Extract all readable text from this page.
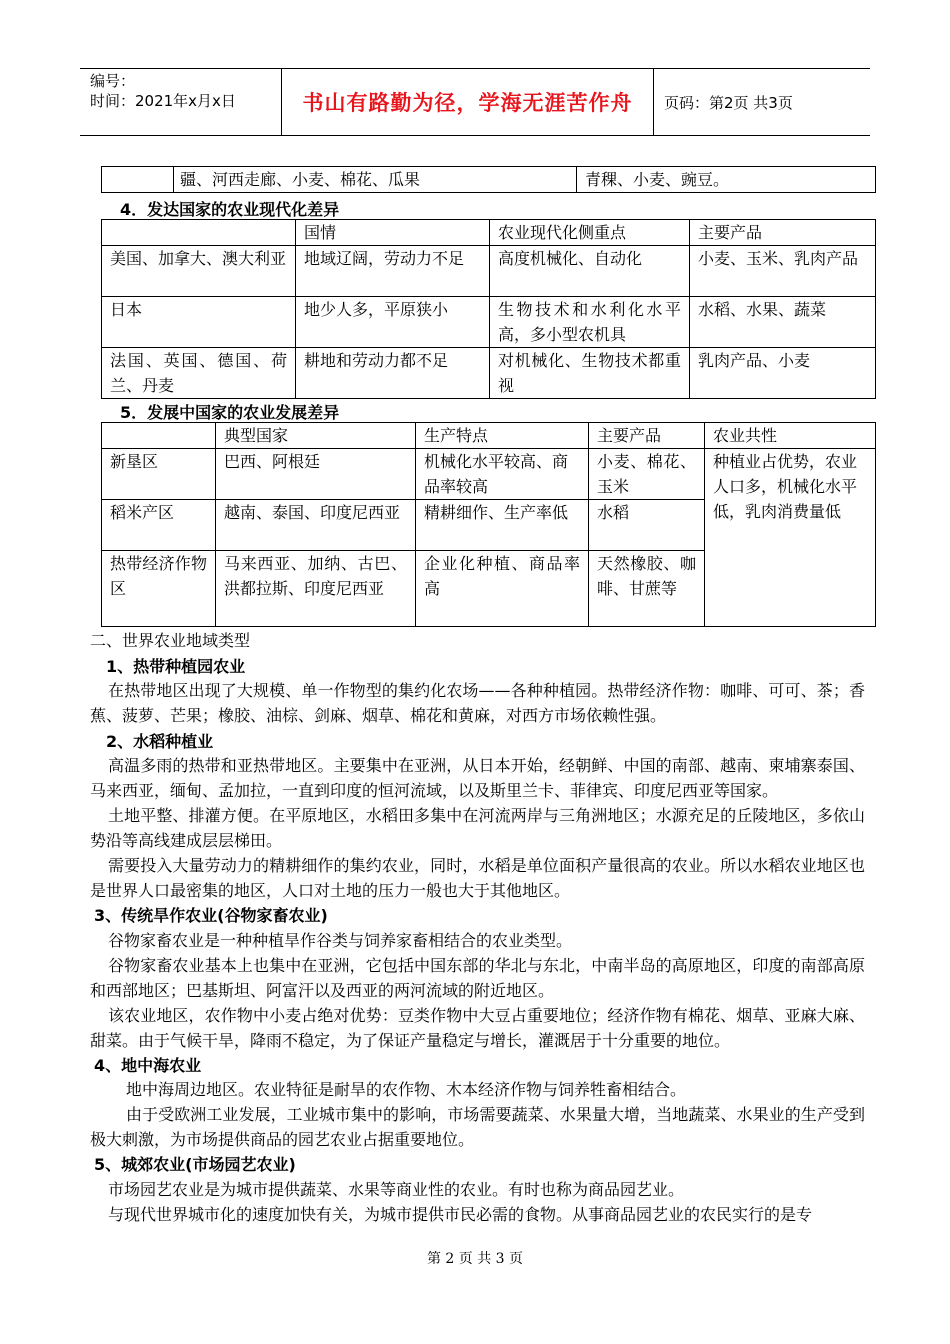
编号：
时间：2021年x月x日	书山有路勤为径，学海无涯苦作舟	页码：第2页 共3页
	疆、河西走廊、小麦、棉花、瓜果	青稞、小麦、豌豆。
4．发达国家的农业现代化差异
	国情	农业现代化侧重点	主要产品
美国、加拿大、澳大利亚	地域辽阔，劳动力不足	高度机械化、自动化	小麦、玉米、乳肉产品
日本	地少人多，平原狭小	生物技术和水利化水平高，多小型农机具	水稻、水果、蔬菜
法国、英国、德国、荷兰、丹麦	耕地和劳动力都不足	对机械化、生物技术都重视	乳肉产品、小麦
5．发展中国家的农业发展差异
	典型国家	生产特点	主要产品	农业共性
新垦区	巴西、阿根廷	机械化水平较高、商品率较高	小麦、棉花、玉米	种植业占优势，农业人口多，机械化水平低，乳肉消费量低
稻米产区	越南、泰国、印度尼西亚	精耕细作、生产率低	水稻	
热带经济作物区	马来西亚、加纳、古巴、洪都拉斯、印度尼西亚	企业化种植、商品率高	天然橡胶、咖啡、甘蔗等	
二、世界农业地域类型
1、热带种植园农业
在热带地区出现了大规模、单一作物型的集约化农场——各种种植园。热带经济作物：咖啡、可可、茶；香蕉、菠萝、芒果；橡胶、油棕、剑麻、烟草、棉花和黄麻，对西方市场依赖性强。
2、水稻种植业
高温多雨的热带和亚热带地区。主要集中在亚洲，从日本开始，经朝鲜、中国的南部、越南、柬埔寨泰国、马来西亚，缅甸、孟加拉，一直到印度的恒河流域，以及斯里兰卡、菲律宾、印度尼西亚等国家。
土地平整、排灌方便。在平原地区，水稻田多集中在河流两岸与三角洲地区；水源充足的丘陵地区，多依山势沿等高线建成层层梯田。
需要投入大量劳动力的精耕细作的集约农业，同时，水稻是单位面积产量很高的农业。所以水稻农业地区也是世界人口最密集的地区，人口对土地的压力一般也大于其他地区。
3、传统旱作农业(谷物家畜农业)
谷物家畜农业是一种种植旱作谷类与饲养家畜相结合的农业类型。
谷物家畜农业基本上也集中在亚洲，它包括中国东部的华北与东北，中南半岛的高原地区，印度的南部高原和西部地区；巴基斯坦、阿富汗以及西亚的两河流域的附近地区。
该农业地区，农作物中小麦占绝对优势：豆类作物中大豆占重要地位；经济作物有棉花、烟草、亚麻大麻、甜菜。由于气候干旱，降雨不稳定，为了保证产量稳定与增长，灌溉居于十分重要的地位。
4、地中海农业
地中海周边地区。农业特征是耐旱的农作物、木本经济作物与饲养牲畜相结合。
由于受欧洲工业发展，工业城市集中的影响，市场需要蔬菜、水果量大增，当地蔬菜、水果业的生产受到极大刺激，为市场提供商品的园艺农业占据重要地位。
5、城郊农业(市场园艺农业)
市场园艺农业是为城市提供蔬菜、水果等商业性的农业。有时也称为商品园艺业。
与现代世界城市化的速度加快有关，为城市提供市民必需的食物。从事商品园艺业的农民实行的是专
第 2 页 共 3 页
